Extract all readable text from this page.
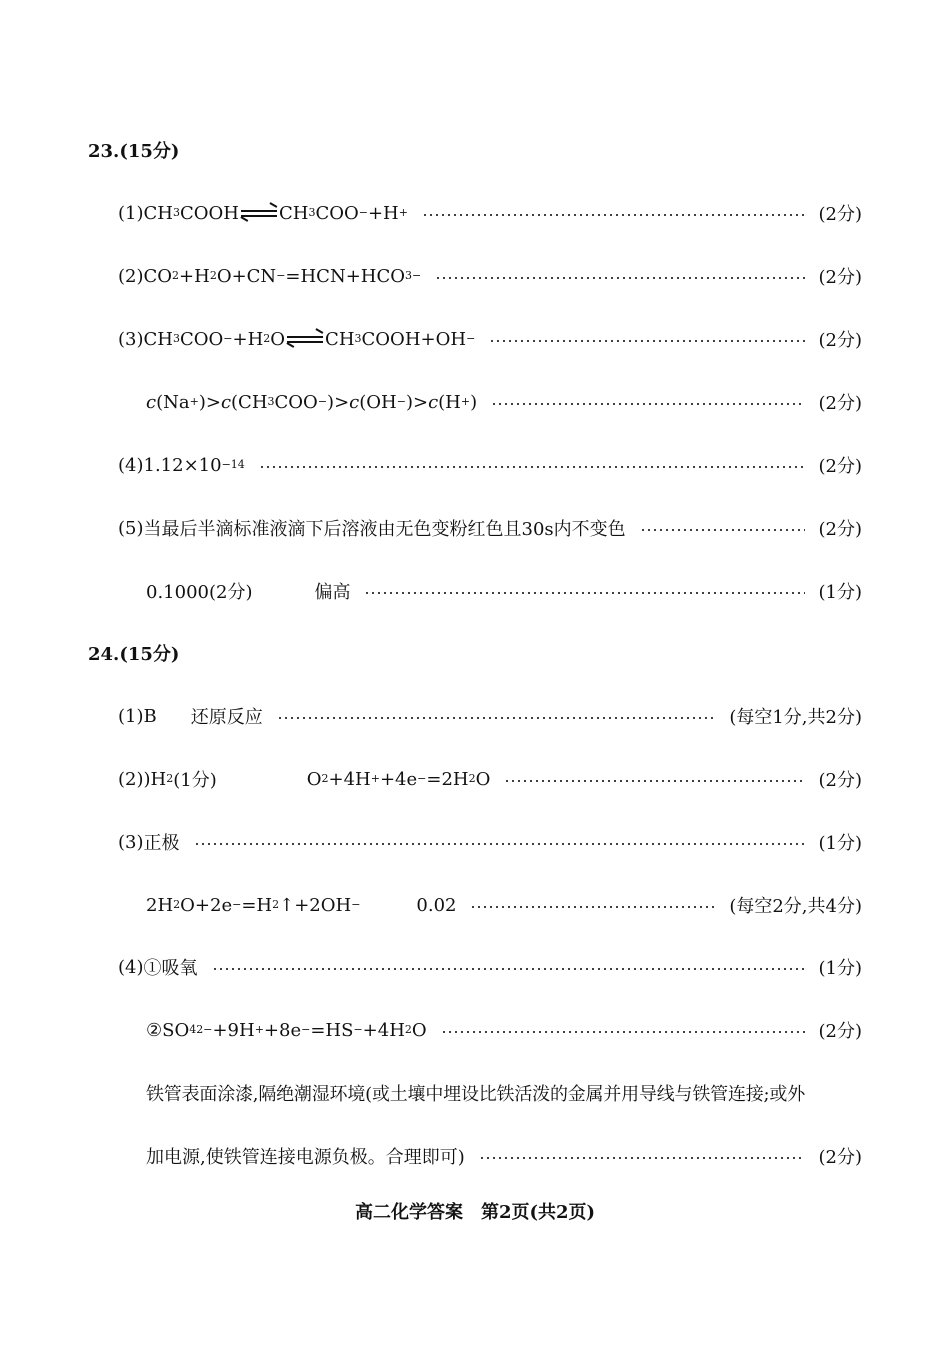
23.(15分)
(1) CH 3 COOH CH 3 COO − +H +	(2分)
(2) CO 2 +H 2 O+CN − =HCN+HCO 3 −	(2分)
(3) CH 3 COO − +H 2 O CH 3 COOH+OH −	(2分)
c (Na + )> c (CH 3 COO − )> c (OH − )> c (H + )	(2分)
(4) 1.12×10 −14	(2分)
(5) 当最后半滴标准液滴下后溶液由无色变粉红色且30s内不变色	(2分)
0.1000(2分)	偏高	(1分)
24.(15分)
(1)B 还原反应	(每空1分,共2分)
(2)) H 2 (1分)	O 2 +4H + +4e − =2H 2 O	(2分)
(3) 正极	(1分)
2H 2 O+2e − =H 2 ↑+2OH −	0.02	(每空2分,共4分)
(4) ①吸氧	(1分)
② SO 4 2− +9H + +8e − =HS − +4H 2 O	(2分)
铁管表面涂漆,隔绝潮湿环境(或土壤中埋设比铁活泼的金属并用导线与铁管连接;或外
加电源,使铁管连接电源负极。合理即可)	(2分)
高二化学答案　第2页(共2页)
